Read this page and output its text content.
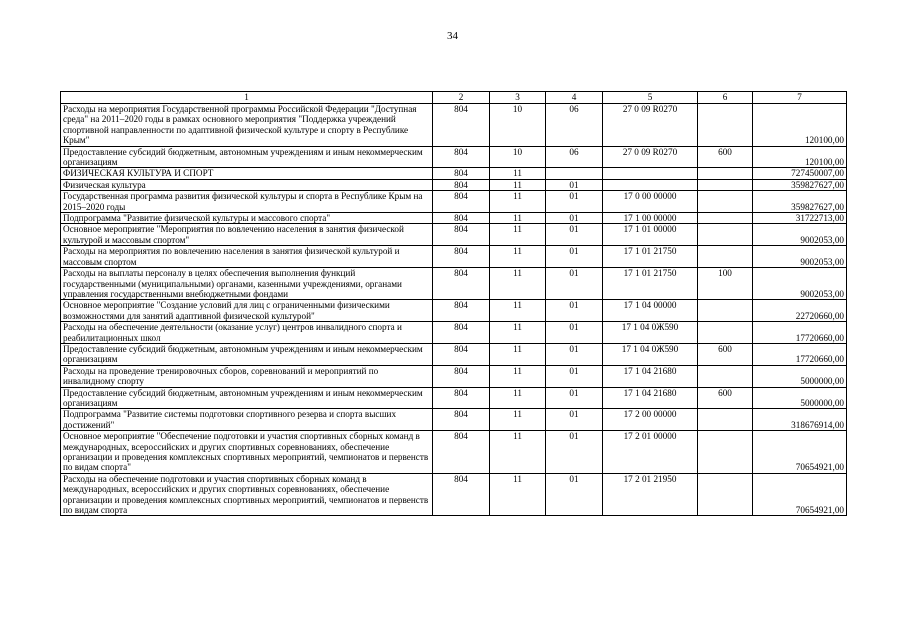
34
1	2	3	4	5	6	7
Расходы на мероприятия Государственной программы Российской Федерации "Доступная среда" на 2011–2020 годы в рамках основного мероприятия "Поддержка учреждений спортивной направленности по адаптивной физической культуре и спорту в Республике Крым"	804	10	06	27 0 09 R0270		120100,00
Предоставление субсидий бюджетным, автономным учреждениям и иным некоммерческим организациям	804	10	06	27 0 09 R0270	600	120100,00
ФИЗИЧЕСКАЯ КУЛЬТУРА И СПОРТ	804	11				727450007,00
Физическая культура	804	11	01			359827627,00
Государственная программа развития физической культуры и спорта в Республике Крым на 2015–2020 годы	804	11	01	17 0 00 00000		359827627,00
Подпрограмма "Развитие физической культуры и массового спорта"	804	11	01	17 1 00 00000		31722713,00
Основное мероприятие "Мероприятия по вовлечению населения в занятия физической культурой и массовым спортом"	804	11	01	17 1 01 00000		9002053,00
Расходы на мероприятия по вовлечению населения в занятия физической культурой и массовым спортом	804	11	01	17 1 01 21750		9002053,00
Расходы на выплаты персоналу в целях обеспечения выполнения функций государственными (муниципальными) органами, казенными учреждениями, органами управления государственными внебюджетными фондами	804	11	01	17 1 01 21750	100	9002053,00
Основное мероприятие "Создание условий для лиц с ограниченными физическими возможностями для занятий адаптивной физической культурой"	804	11	01	17 1 04 00000		22720660,00
Расходы на обеспечение деятельности (оказание услуг) центров инвалидного спорта и реабилитационных школ	804	11	01	17 1 04 0Ж590		17720660,00
Предоставление субсидий бюджетным, автономным учреждениям и иным некоммерческим организациям	804	11	01	17 1 04 0Ж590	600	17720660,00
Расходы на проведение тренировочных сборов, соревнований и мероприятий по инвалидному спорту	804	11	01	17 1 04 21680		5000000,00
Предоставление субсидий бюджетным, автономным учреждениям и иным некоммерческим организациям	804	11	01	17 1 04 21680	600	5000000,00
Подпрограмма "Развитие системы подготовки спортивного резерва и спорта высших достижений"	804	11	01	17 2 00 00000		318676914,00
Основное мероприятие "Обеспечение подготовки и участия спортивных сборных команд в международных, всероссийских и других спортивных соревнованиях, обеспечение организации и проведения комплексных спортивных мероприятий, чемпионатов и первенств по видам спорта"	804	11	01	17 2 01 00000		70654921,00
Расходы на обеспечение подготовки и участия спортивных сборных команд в международных, всероссийских и других спортивных соревнованиях, обеспечение организации и проведения комплексных спортивных мероприятий, чемпионатов и первенств по видам спорта	804	11	01	17 2 01 21950		70654921,00
